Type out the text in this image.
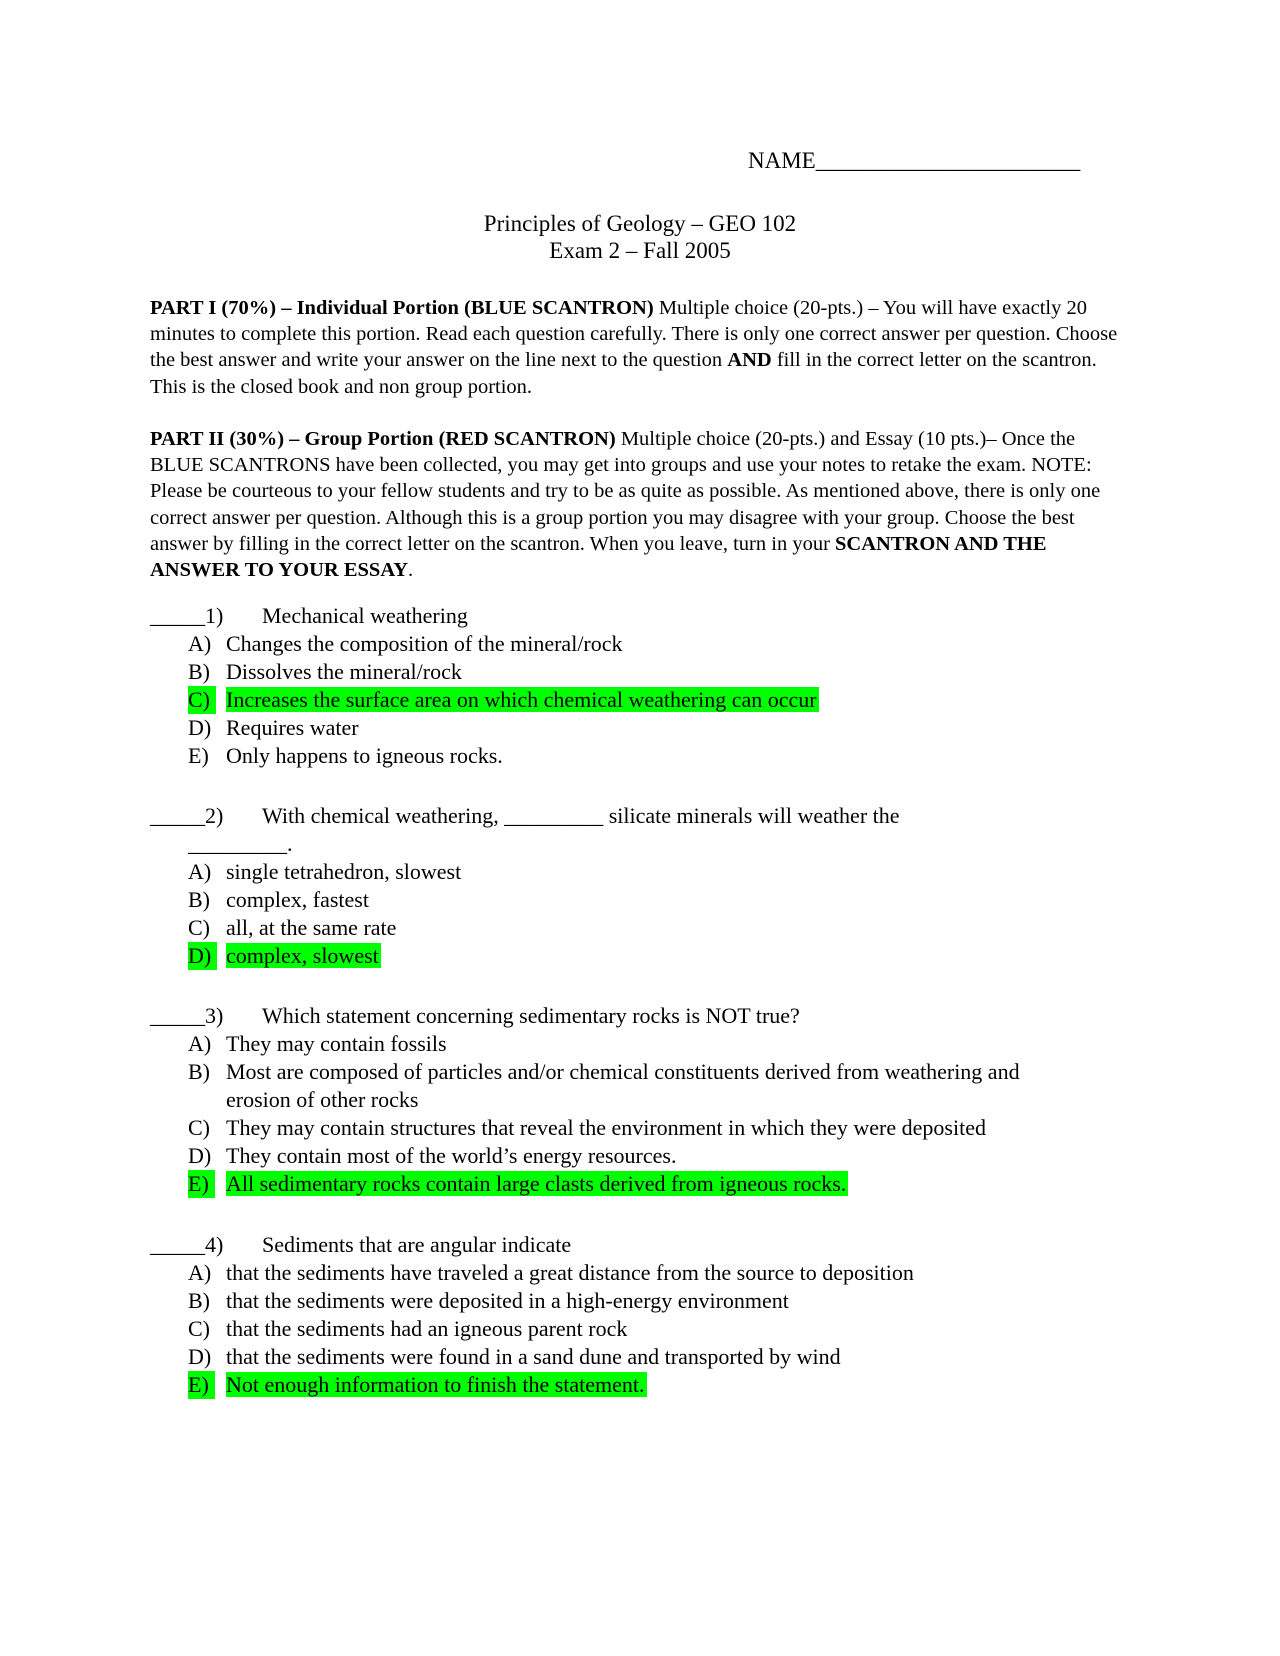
NAME_______________________
Principles of Geology – GEO 102
Exam 2 – Fall 2005
PART I (70%) – Individual Portion (BLUE SCANTRON) Multiple choice (20-pts.) – You will have exactly 20 minutes to complete this portion. Read each question carefully. There is only one correct answer per question. Choose the best answer and write your answer on the line next to the question AND fill in the correct letter on the scantron. This is the closed book and non group portion.
PART II (30%) – Group Portion (RED SCANTRON) Multiple choice (20-pts.) and Essay (10 pts.)– Once the BLUE SCANTRONS have been collected, you may get into groups and use your notes to retake the exam. NOTE: Please be courteous to your fellow students and try to be as quite as possible. As mentioned above, there is only one correct answer per question. Although this is a group portion you may disagree with your group. Choose the best answer by filling in the correct letter on the scantron. When you leave, turn in your SCANTRON AND THE ANSWER TO YOUR ESSAY.
_____1) Mechanical weathering
A) Changes the composition of the mineral/rock
B) Dissolves the mineral/rock
C) Increases the surface area on which chemical weathering can occur
D) Requires water
E) Only happens to igneous rocks.
_____2) With chemical weathering, _________ silicate minerals will weather the
_________.
A) single tetrahedron, slowest
B) complex, fastest
C) all, at the same rate
D) complex, slowest
_____3) Which statement concerning sedimentary rocks is NOT true?
A) They may contain fossils
B) Most are composed of particles and/or chemical constituents derived from weathering and erosion of other rocks
C) They may contain structures that reveal the environment in which they were deposited
D) They contain most of the world’s energy resources.
E) All sedimentary rocks contain large clasts derived from igneous rocks.
_____4) Sediments that are angular indicate
A) that the sediments have traveled a great distance from the source to deposition
B) that the sediments were deposited in a high-energy environment
C) that the sediments had an igneous parent rock
D) that the sediments were found in a sand dune and transported by wind
E) Not enough information to finish the statement.
